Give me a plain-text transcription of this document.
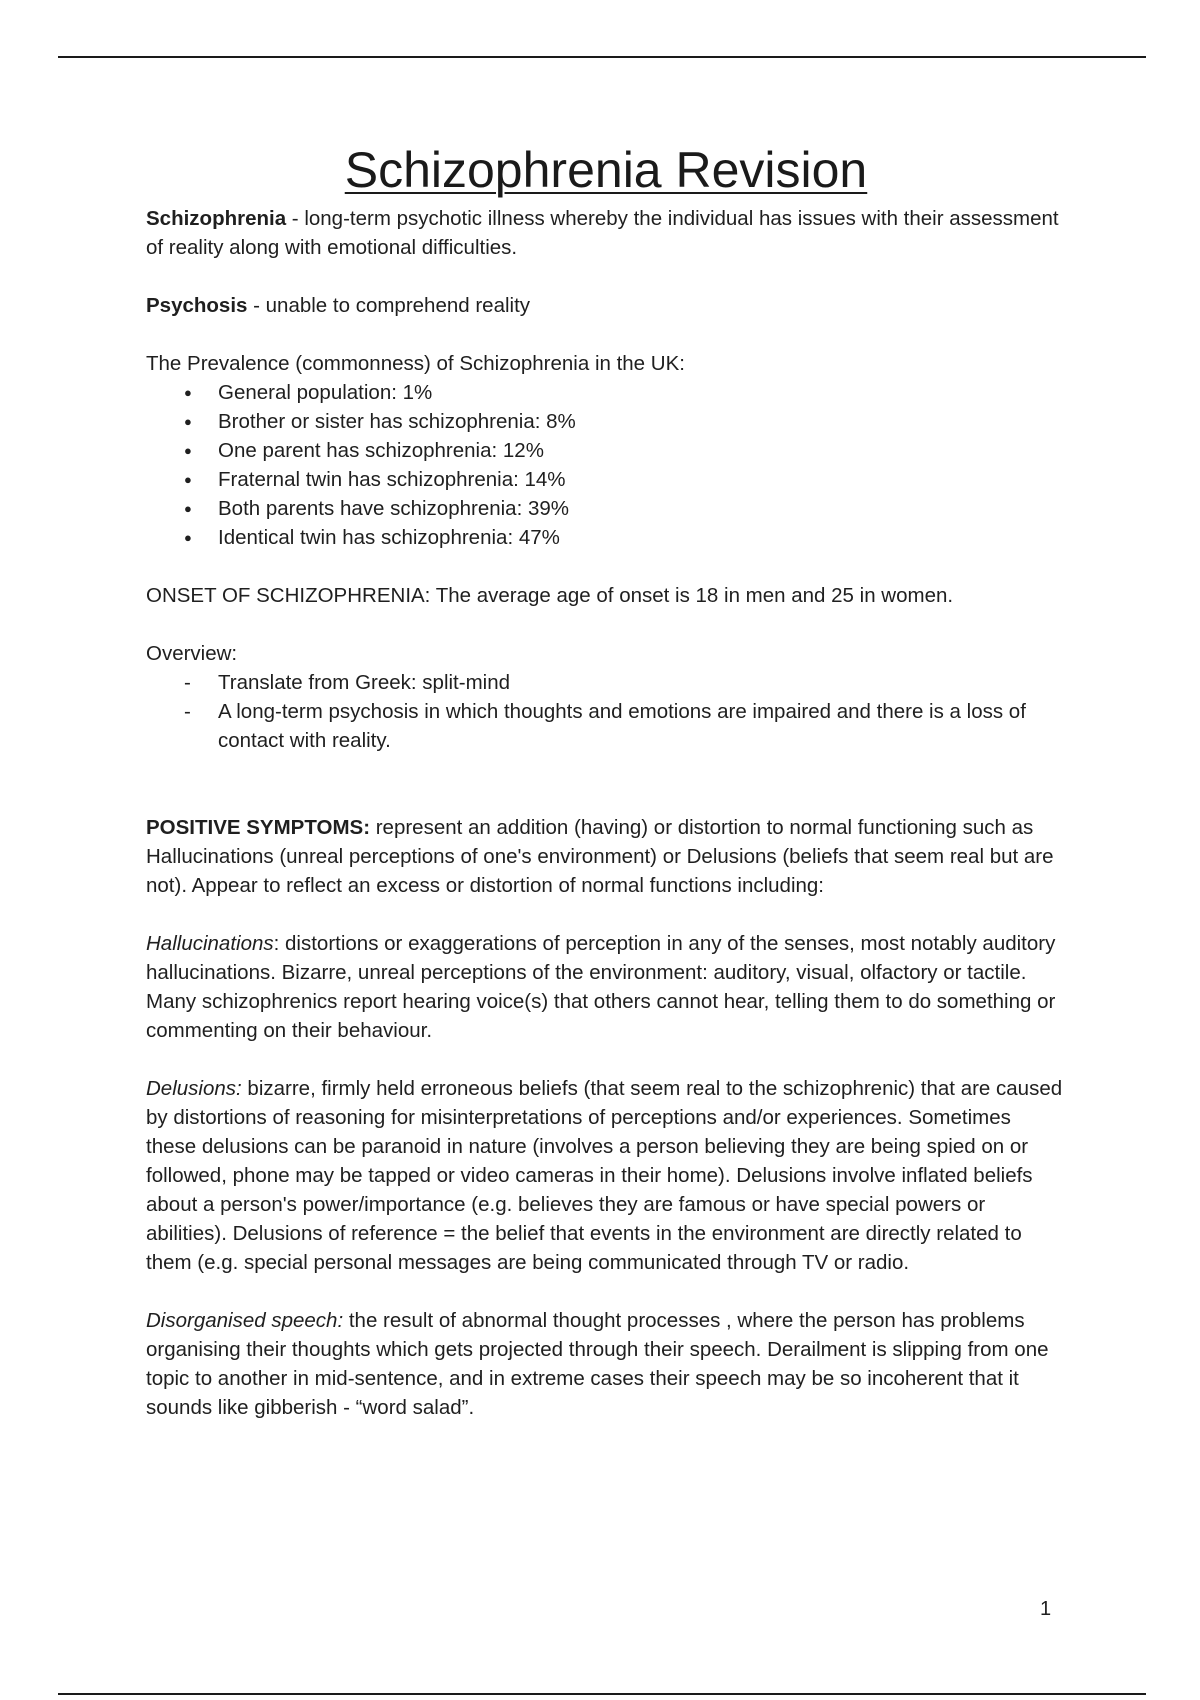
Schizophrenia Revision

Schizophrenia - long-term psychotic illness whereby the individual has issues with their assessment of reality along with emotional difficulties.

Psychosis - unable to comprehend reality

The Prevalence (commonness) of Schizophrenia in the UK:
● General population: 1%
● Brother or sister has schizophrenia: 8%
● One parent has schizophrenia: 12%
● Fraternal twin has schizophrenia: 14%
● Both parents have schizophrenia: 39%
● Identical twin has schizophrenia: 47%

ONSET OF SCHIZOPHRENIA: The average age of onset is 18 in men and 25 in women.

Overview:
- Translate from Greek: split-mind
- A long-term psychosis in which thoughts and emotions are impaired and there is a loss of contact with reality.

POSITIVE SYMPTOMS: represent an addition (having) or distortion to normal functioning such as Hallucinations (unreal perceptions of one's environment) or Delusions (beliefs that seem real but are not). Appear to reflect an excess or distortion of normal functions including:

Hallucinations: distortions or exaggerations of perception in any of the senses, most notably auditory hallucinations. Bizarre, unreal perceptions of the environment: auditory, visual, olfactory or tactile. Many schizophrenics report hearing voice(s) that others cannot hear, telling them to do something or commenting on their behaviour.

Delusions: bizarre, firmly held erroneous beliefs (that seem real to the schizophrenic) that are caused by distortions of reasoning for misinterpretations of perceptions and/or experiences. Sometimes these delusions can be paranoid in nature (involves a person believing they are being spied on or followed, phone may be tapped or video cameras in their home). Delusions involve inflated beliefs about a person's power/importance (e.g. believes they are famous or have special powers or abilities). Delusions of reference = the belief that events in the environment are directly related to them (e.g. special personal messages are being communicated through TV or radio.

Disorganised speech: the result of abnormal thought processes , where the person has problems organising their thoughts which gets projected through their speech. Derailment is slipping from one topic to another in mid-sentence, and in extreme cases their speech may be so incoherent that it sounds like gibberish - “word salad”.

1
